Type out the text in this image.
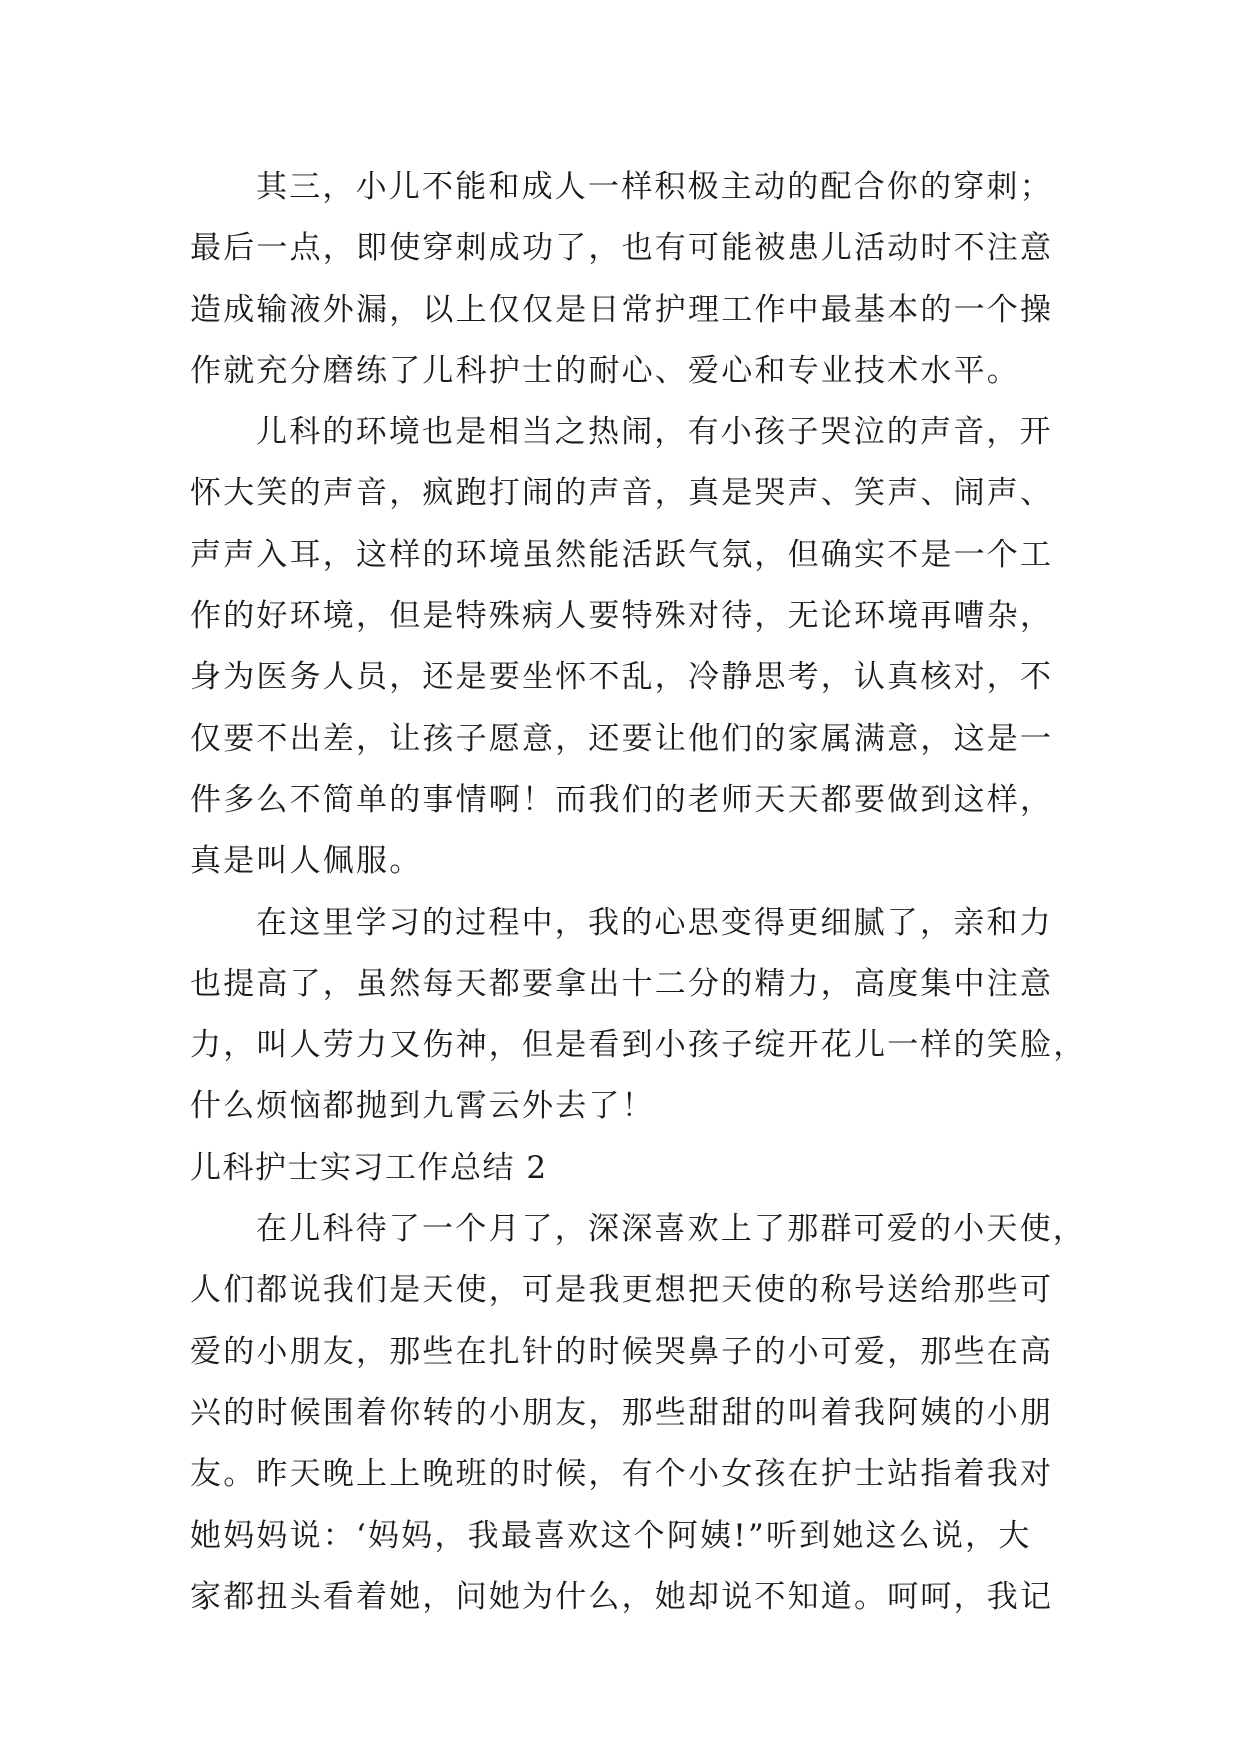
其三，小儿不能和成人一样积极主动的配合你的穿刺；
最后一点，即使穿刺成功了，也有可能被患儿活动时不注意
造成输液外漏，以上仅仅是日常护理工作中最基本的一个操
作就充分磨练了儿科护士的耐心、爱心和专业技术水平。
儿科的环境也是相当之热闹，有小孩子哭泣的声音，开
怀大笑的声音，疯跑打闹的声音，真是哭声、笑声、闹声、
声声入耳，这样的环境虽然能活跃气氛，但确实不是一个工
作的好环境，但是特殊病人要特殊对待，无论环境再嘈杂，
身为医务人员，还是要坐怀不乱，冷静思考，认真核对，不
仅要不出差，让孩子愿意，还要让他们的家属满意，这是一
件多么不简单的事情啊！而我们的老师天天都要做到这样，
真是叫人佩服。
在这里学习的过程中，我的心思变得更细腻了，亲和力
也提高了，虽然每天都要拿出十二分的精力，高度集中注意
力，叫人劳力又伤神，但是看到小孩子绽开花儿一样的笑脸，
什么烦恼都抛到九霄云外去了！
儿科护士实习工作总结 2
在儿科待了一个月了，深深喜欢上了那群可爱的小天使，
人们都说我们是天使，可是我更想把天使的称号送给那些可
爱的小朋友，那些在扎针的时候哭鼻子的小可爱，那些在高
兴的时候围着你转的小朋友，那些甜甜的叫着我阿姨的小朋
友。昨天晚上上晚班的时候，有个小女孩在护士站指着我对
她妈妈说：‘妈妈，我最喜欢这个阿姨!”听到她这么说，大
家都扭头看着她，问她为什么，她却说不知道。呵呵，我记
